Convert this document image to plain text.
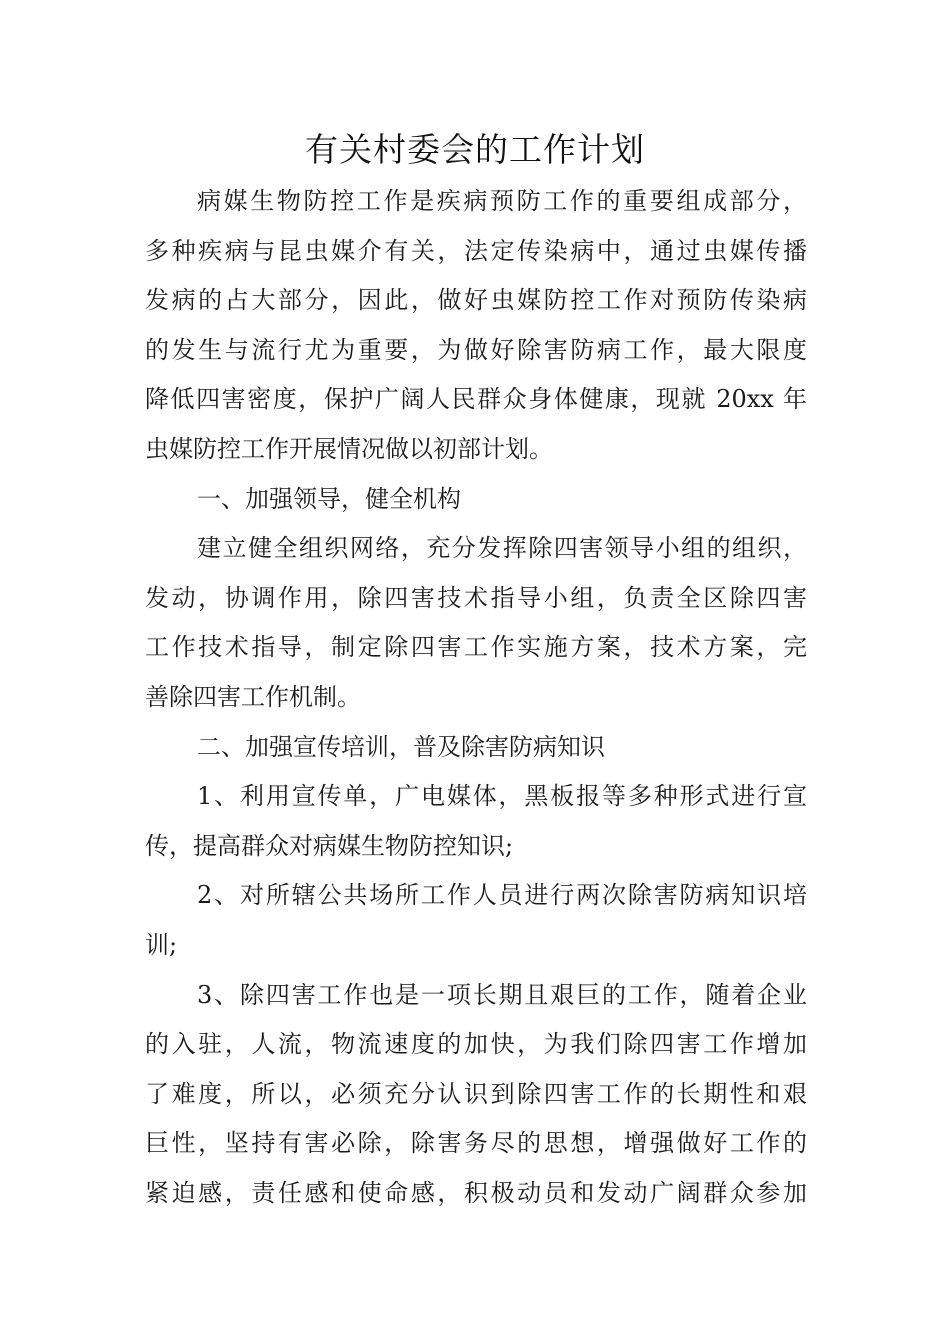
有关村委会的工作计划
病媒生物防控工作是疾病预防工作的重要组成部分，
多种疾病与昆虫媒介有关，法定传染病中，通过虫媒传播
发病的占大部分，因此，做好虫媒防控工作对预防传染病
的发生与流行尤为重要，为做好除害防病工作，最大限度
降低四害密度，保护广阔人民群众身体健康，现就 20xx 年
虫媒防控工作开展情况做以初部计划。
一、加强领导，健全机构
建立健全组织网络，充分发挥除四害领导小组的组织，
发动，协调作用，除四害技术指导小组，负责全区除四害
工作技术指导，制定除四害工作实施方案，技术方案，完
善除四害工作机制。
二、加强宣传培训，普及除害防病知识
1、利用宣传单，广电媒体，黑板报等多种形式进行宣
传，提高群众对病媒生物防控知识;
2、对所辖公共场所工作人员进行两次除害防病知识培
训;
3、除四害工作也是一项长期且艰巨的工作，随着企业
的入驻，人流，物流速度的加快，为我们除四害工作增加
了难度，所以，必须充分认识到除四害工作的长期性和艰
巨性，坚持有害必除，除害务尽的思想，增强做好工作的
紧迫感，责任感和使命感，积极动员和发动广阔群众参加
